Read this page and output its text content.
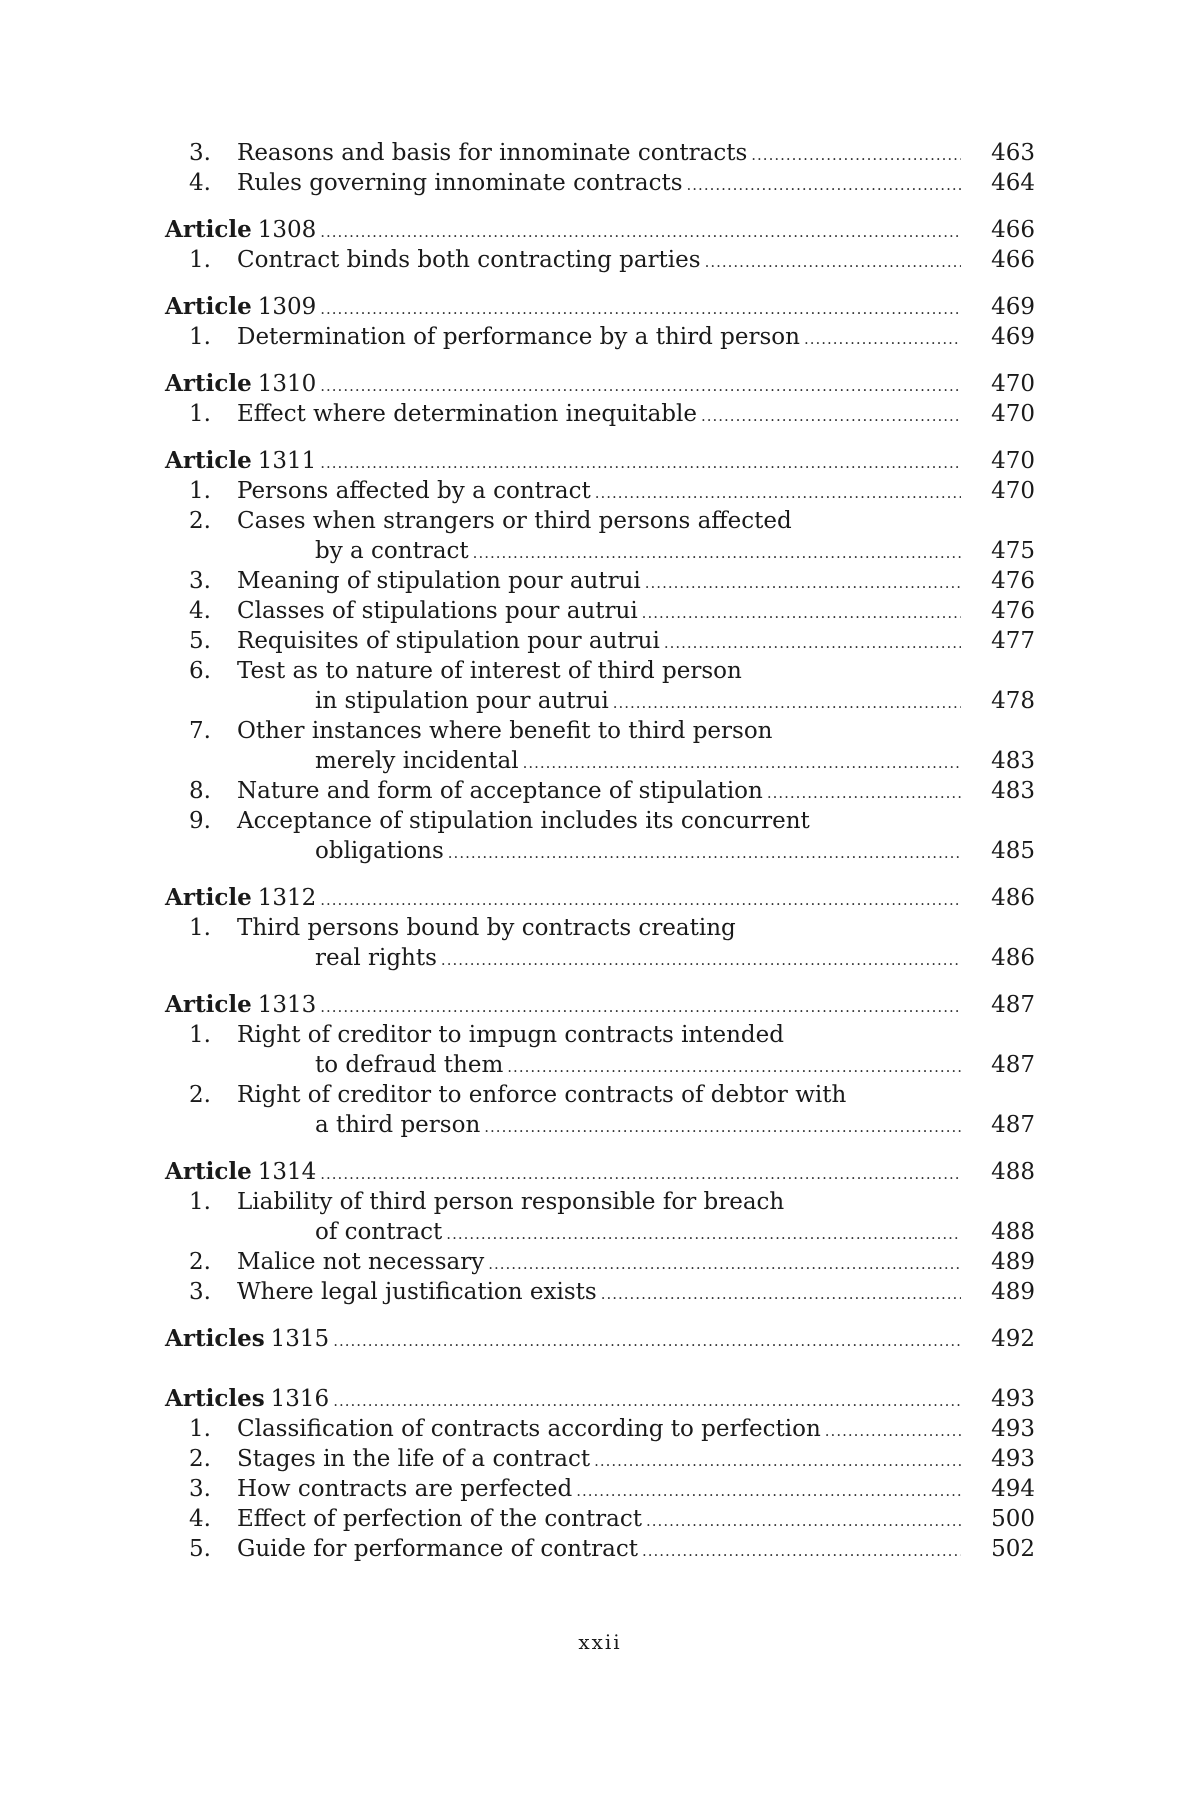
3.	Reasons and basis for innominate contracts .....	463
4.	Rules governing innominate contracts .....	464
Article 1308 .....	466
1.	Contract binds both contracting parties .....	466
Article 1309 .....	469
1.	Determination of performance by a third person .....	469
Article 1310 .....	470
1.	Effect where determination inequitable .....	470
Article 1311 .....	470
1.	Persons affected by a contract .....	470
2.	Cases when strangers or third persons affected
by a contract .....	475
3.	Meaning of stipulation pour autrui .....	476
4.	Classes of stipulations pour autrui .....	476
5.	Requisites of stipulation pour autrui .....	477
6.	Test as to nature of interest of third person
in stipulation pour autrui .....	478
7.	Other instances where benefit to third person
merely incidental .....	483
8.	Nature and form of acceptance of stipulation .....	483
9.	Acceptance of stipulation includes its concurrent
obligations .....	485
Article 1312 .....	486
1.	Third persons bound by contracts creating
real rights .....	486
Article 1313 .....	487
1.	Right of creditor to impugn contracts intended
to defraud them .....	487
2.	Right of creditor to enforce contracts of debtor with
a third person .....	487
Article 1314 .....	488
1.	Liability of third person responsible for breach
of contract .....	488
2.	Malice not necessary .....	489
3.	Where legal justification exists .....	489
Articles 1315 .....	492
Articles 1316 .....	493
1.	Classification of contracts according to perfection .....	493
2.	Stages in the life of a contract .....	493
3.	How contracts are perfected .....	494
4.	Effect of perfection of the contract .....	500
5.	Guide for performance of contract .....	502
xxii
